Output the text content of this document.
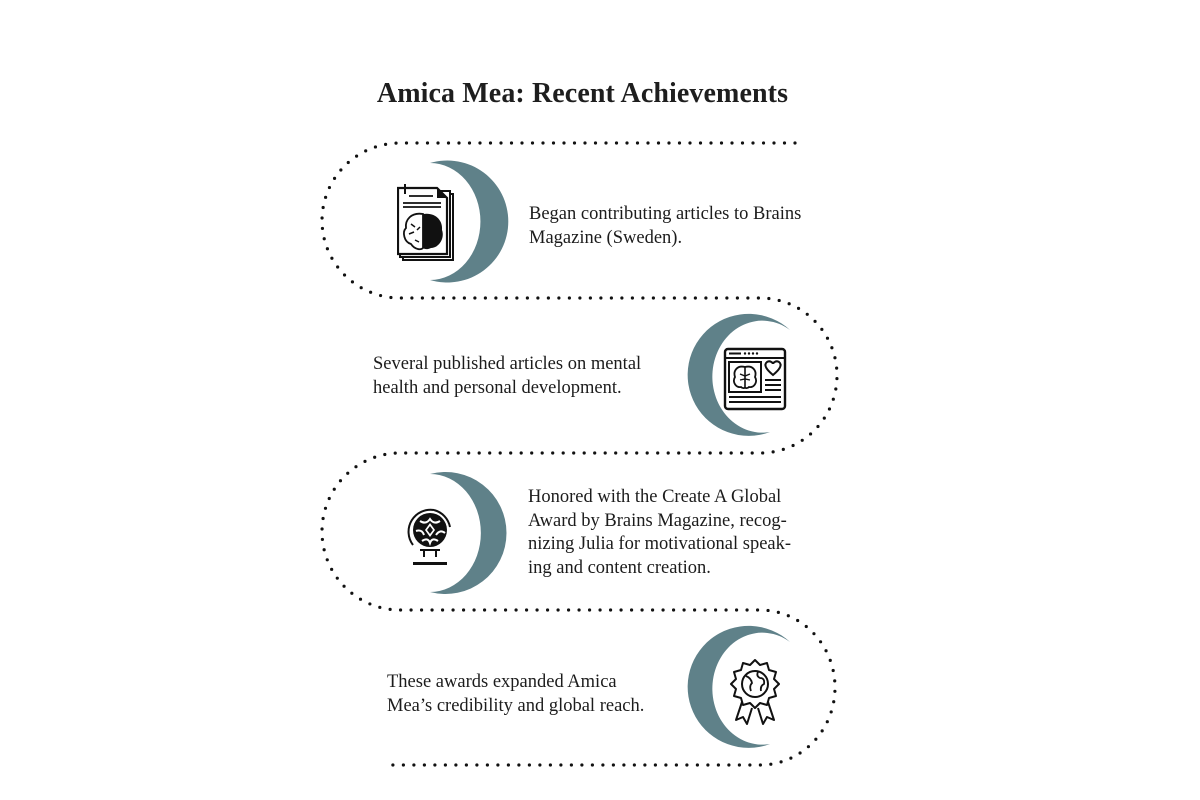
Amica Mea: Recent Achievements
Began contributing articles to Brains
Magazine (Sweden).
Several published articles on mental
health and personal development.
Honored with the Create A Global
Award by Brains Magazine, recog-
nizing Julia for motivational speak-
ing and content creation.
These awards expanded Amica
Mea’s credibility and global reach.
